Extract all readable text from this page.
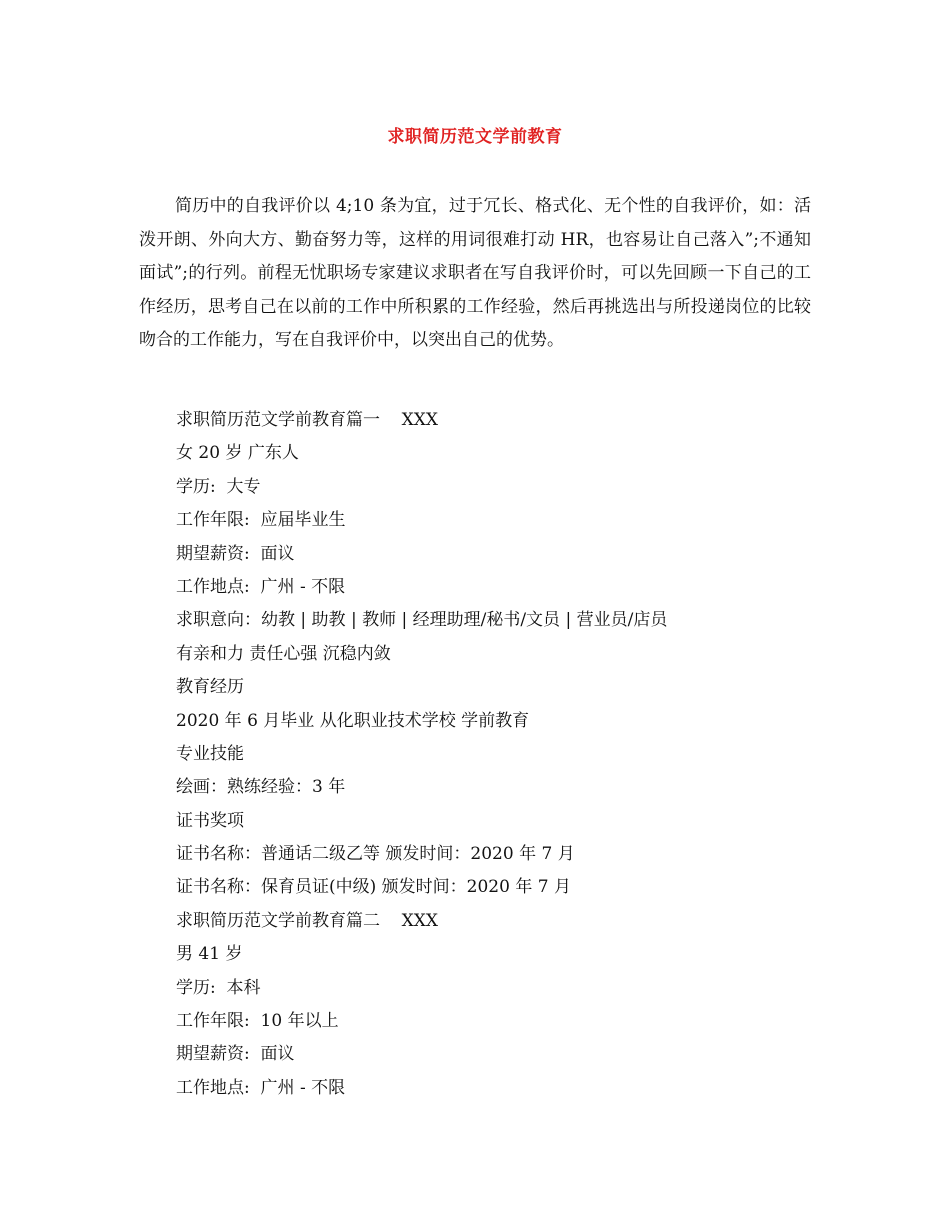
求职简历范文学前教育

简历中的自我评价以 4;10 条为宜，过于冗长、格式化、无个性的自我评价，如：活泼开朗、外向大方、勤奋努力等，这样的用词很难打动 HR，也容易让自己落入”;不通知面试”;的行列。前程无忧职场专家建议求职者在写自我评价时，可以先回顾一下自己的工作经历，思考自己在以前的工作中所积累的工作经验，然后再挑选出与所投递岗位的比较吻合的工作能力，写在自我评价中，以突出自己的优势。

求职简历范文学前教育篇一    XXX
女 20 岁 广东人
学历:  大专
工作年限:  应届毕业生
期望薪资:  面议
工作地点:  广州 - 不限
求职意向：幼教 | 助教 | 教师 | 经理助理/秘书/文员 | 营业员/店员
有亲和力 责任心强 沉稳内敛
教育经历
2020 年 6 月毕业 从化职业技术学校 学前教育
专业技能
绘画：熟练经验：3 年
证书奖项
证书名称：普通话二级乙等 颁发时间：2020 年 7 月
证书名称：保育员证(中级) 颁发时间：2020 年 7 月
求职简历范文学前教育篇二    XXX
男 41 岁
学历:  本科
工作年限:  10 年以上
期望薪资:  面议
工作地点:  广州 - 不限
